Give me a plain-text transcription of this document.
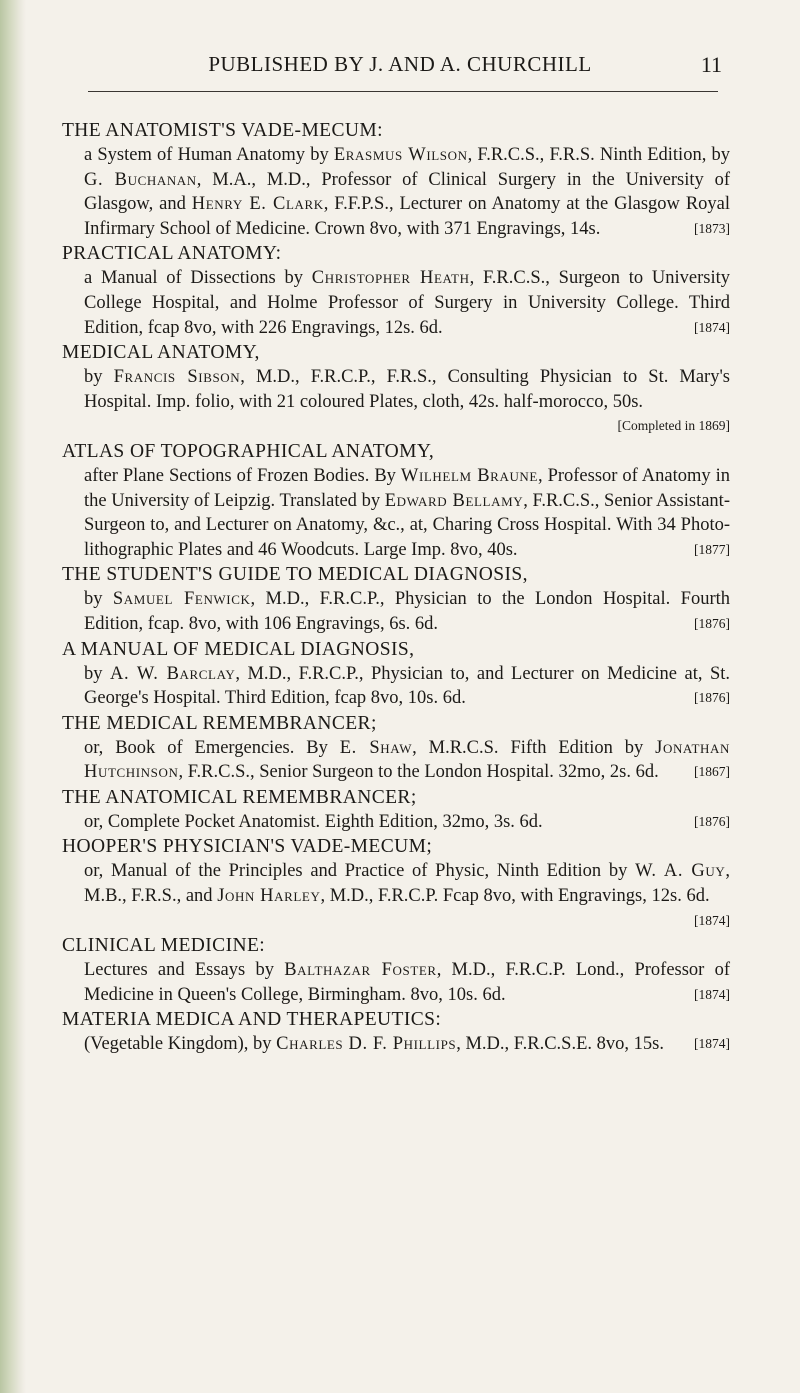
PUBLISHED BY J. AND A. CHURCHILL	11
THE ANATOMIST'S VADE-MECUM:
a System of Human Anatomy by Erasmus Wilson, F.R.C.S., F.R.S. Ninth Edition, by G. Buchanan, M.A., M.D., Professor of Clinical Surgery in the University of Glasgow, and Henry E. Clark, F.F.P.S., Lecturer on Anatomy at the Glasgow Royal Infirmary School of Medicine. Crown 8vo, with 371 Engravings, 14s.	[1873]
PRACTICAL ANATOMY:
a Manual of Dissections by Christopher Heath, F.R.C.S., Surgeon to University College Hospital, and Holme Professor of Surgery in University College. Third Edition, fcap 8vo, with 226 Engravings, 12s. 6d.	[1874]
MEDICAL ANATOMY,
by Francis Sibson, M.D., F.R.C.P., F.R.S., Consulting Physician to St. Mary's Hospital. Imp. folio, with 21 coloured Plates, cloth, 42s. half-morocco, 50s.
[Completed in 1869]
ATLAS OF TOPOGRAPHICAL ANATOMY,
after Plane Sections of Frozen Bodies. By Wilhelm Braune, Professor of Anatomy in the University of Leipzig. Translated by Edward Bellamy, F.R.C.S., Senior Assistant-Surgeon to, and Lecturer on Anatomy, &c., at, Charing Cross Hospital. With 34 Photo-lithographic Plates and 46 Woodcuts. Large Imp. 8vo, 40s.	[1877]
THE STUDENT'S GUIDE TO MEDICAL DIAGNOSIS,
by Samuel Fenwick, M.D., F.R.C.P., Physician to the London Hospital. Fourth Edition, fcap. 8vo, with 106 Engravings, 6s. 6d.	[1876]
A MANUAL OF MEDICAL DIAGNOSIS,
by A. W. Barclay, M.D., F.R.C.P., Physician to, and Lecturer on Medicine at, St. George's Hospital. Third Edition, fcap 8vo, 10s. 6d.	[1876]
THE MEDICAL REMEMBRANCER;
or, Book of Emergencies. By E. Shaw, M.R.C.S. Fifth Edition by Jonathan Hutchinson, F.R.C.S., Senior Surgeon to the London Hospital. 32mo, 2s. 6d.	[1867]
THE ANATOMICAL REMEMBRANCER;
or, Complete Pocket Anatomist. Eighth Edition, 32mo, 3s. 6d.	[1876]
HOOPER'S PHYSICIAN'S VADE-MECUM;
or, Manual of the Principles and Practice of Physic, Ninth Edition by W. A. Guy, M.B., F.R.S., and John Harley, M.D., F.R.C.P. Fcap 8vo, with Engravings, 12s. 6d.
[1874]
CLINICAL MEDICINE:
Lectures and Essays by Balthazar Foster, M.D., F.R.C.P. Lond., Professor of Medicine in Queen's College, Birmingham. 8vo, 10s. 6d.	[1874]
MATERIA MEDICA AND THERAPEUTICS:
(Vegetable Kingdom), by Charles D. F. Phillips, M.D., F.R.C.S.E. 8vo, 15s. [1874]
